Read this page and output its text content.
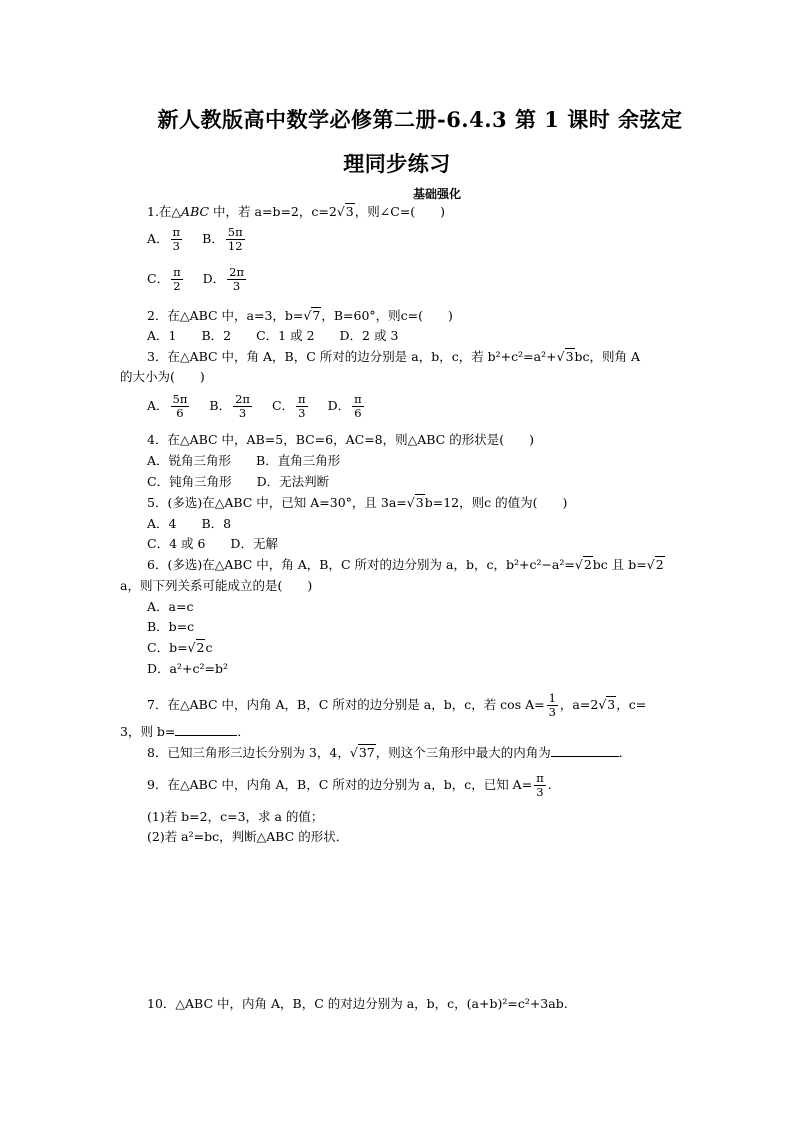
新人教版高中数学必修第二册-6.4.3 第 1 课时 余弦定
理同步练习
基础强化
1.在△ABC 中，若 a=b=2，c=2√3，则∠C=(　　)
A． $\frac{\pi}{3}$ B． $\frac{5\pi}{12}$
C． $\frac{\pi}{2}$ D． $\frac{2\pi}{3}$
2．在△ABC 中，a=3，b=√7，B=60°，则c=(　　)
A．1　　B．2　　C．1 或 2　　D．2 或 3
3．在△ABC 中，角 A，B，C 所对的边分别是 a，b，c，若 b²+c²=a²+√3bc，则角 A
的大小为(　　)
A． $\frac{5\pi}{6}$ B． $\frac{2\pi}{3}$ C． $\frac{\pi}{3}$ D． $\frac{\pi}{6}$
4．在△ABC 中，AB=5，BC=6，AC=8，则△ABC 的形状是(　　)
A．锐角三角形　　B．直角三角形
C．钝角三角形　　D．无法判断
5．(多选)在△ABC 中，已知 A=30°，且 3a=√3b=12，则c 的值为(　　)
A．4　　B．8
C．4 或 6　　D．无解
6．(多选)在△ABC 中，角 A，B，C 所对的边分别为 a，b，c，b²+c²−a²=√2bc 且 b=√2
a，则下列关系可能成立的是(　　)
A．a=c
B．b=c
C．b=√2c
D．a²+c²=b²
7．在△ABC 中，内角 A，B，C 所对的边分别是 a，b，c，若 $\cos A= \frac{1}{3}$ ，a=2√3，c=
3，则 b=	．
8．已知三角形三边长分别为 3，4，√37，则这个三角形中最大的内角为	．
9．在△ABC 中，内角 A，B，C 所对的边分别为 a，b，c，已知 $A= \frac{\pi}{3}$ .
(1)若 b=2，c=3，求 a 的值；
(2)若 a²=bc，判断△ABC 的形状．
10．△ABC 中，内角 A，B，C 的对边分别为 a，b，c，(a+b)²=c²+3ab.
